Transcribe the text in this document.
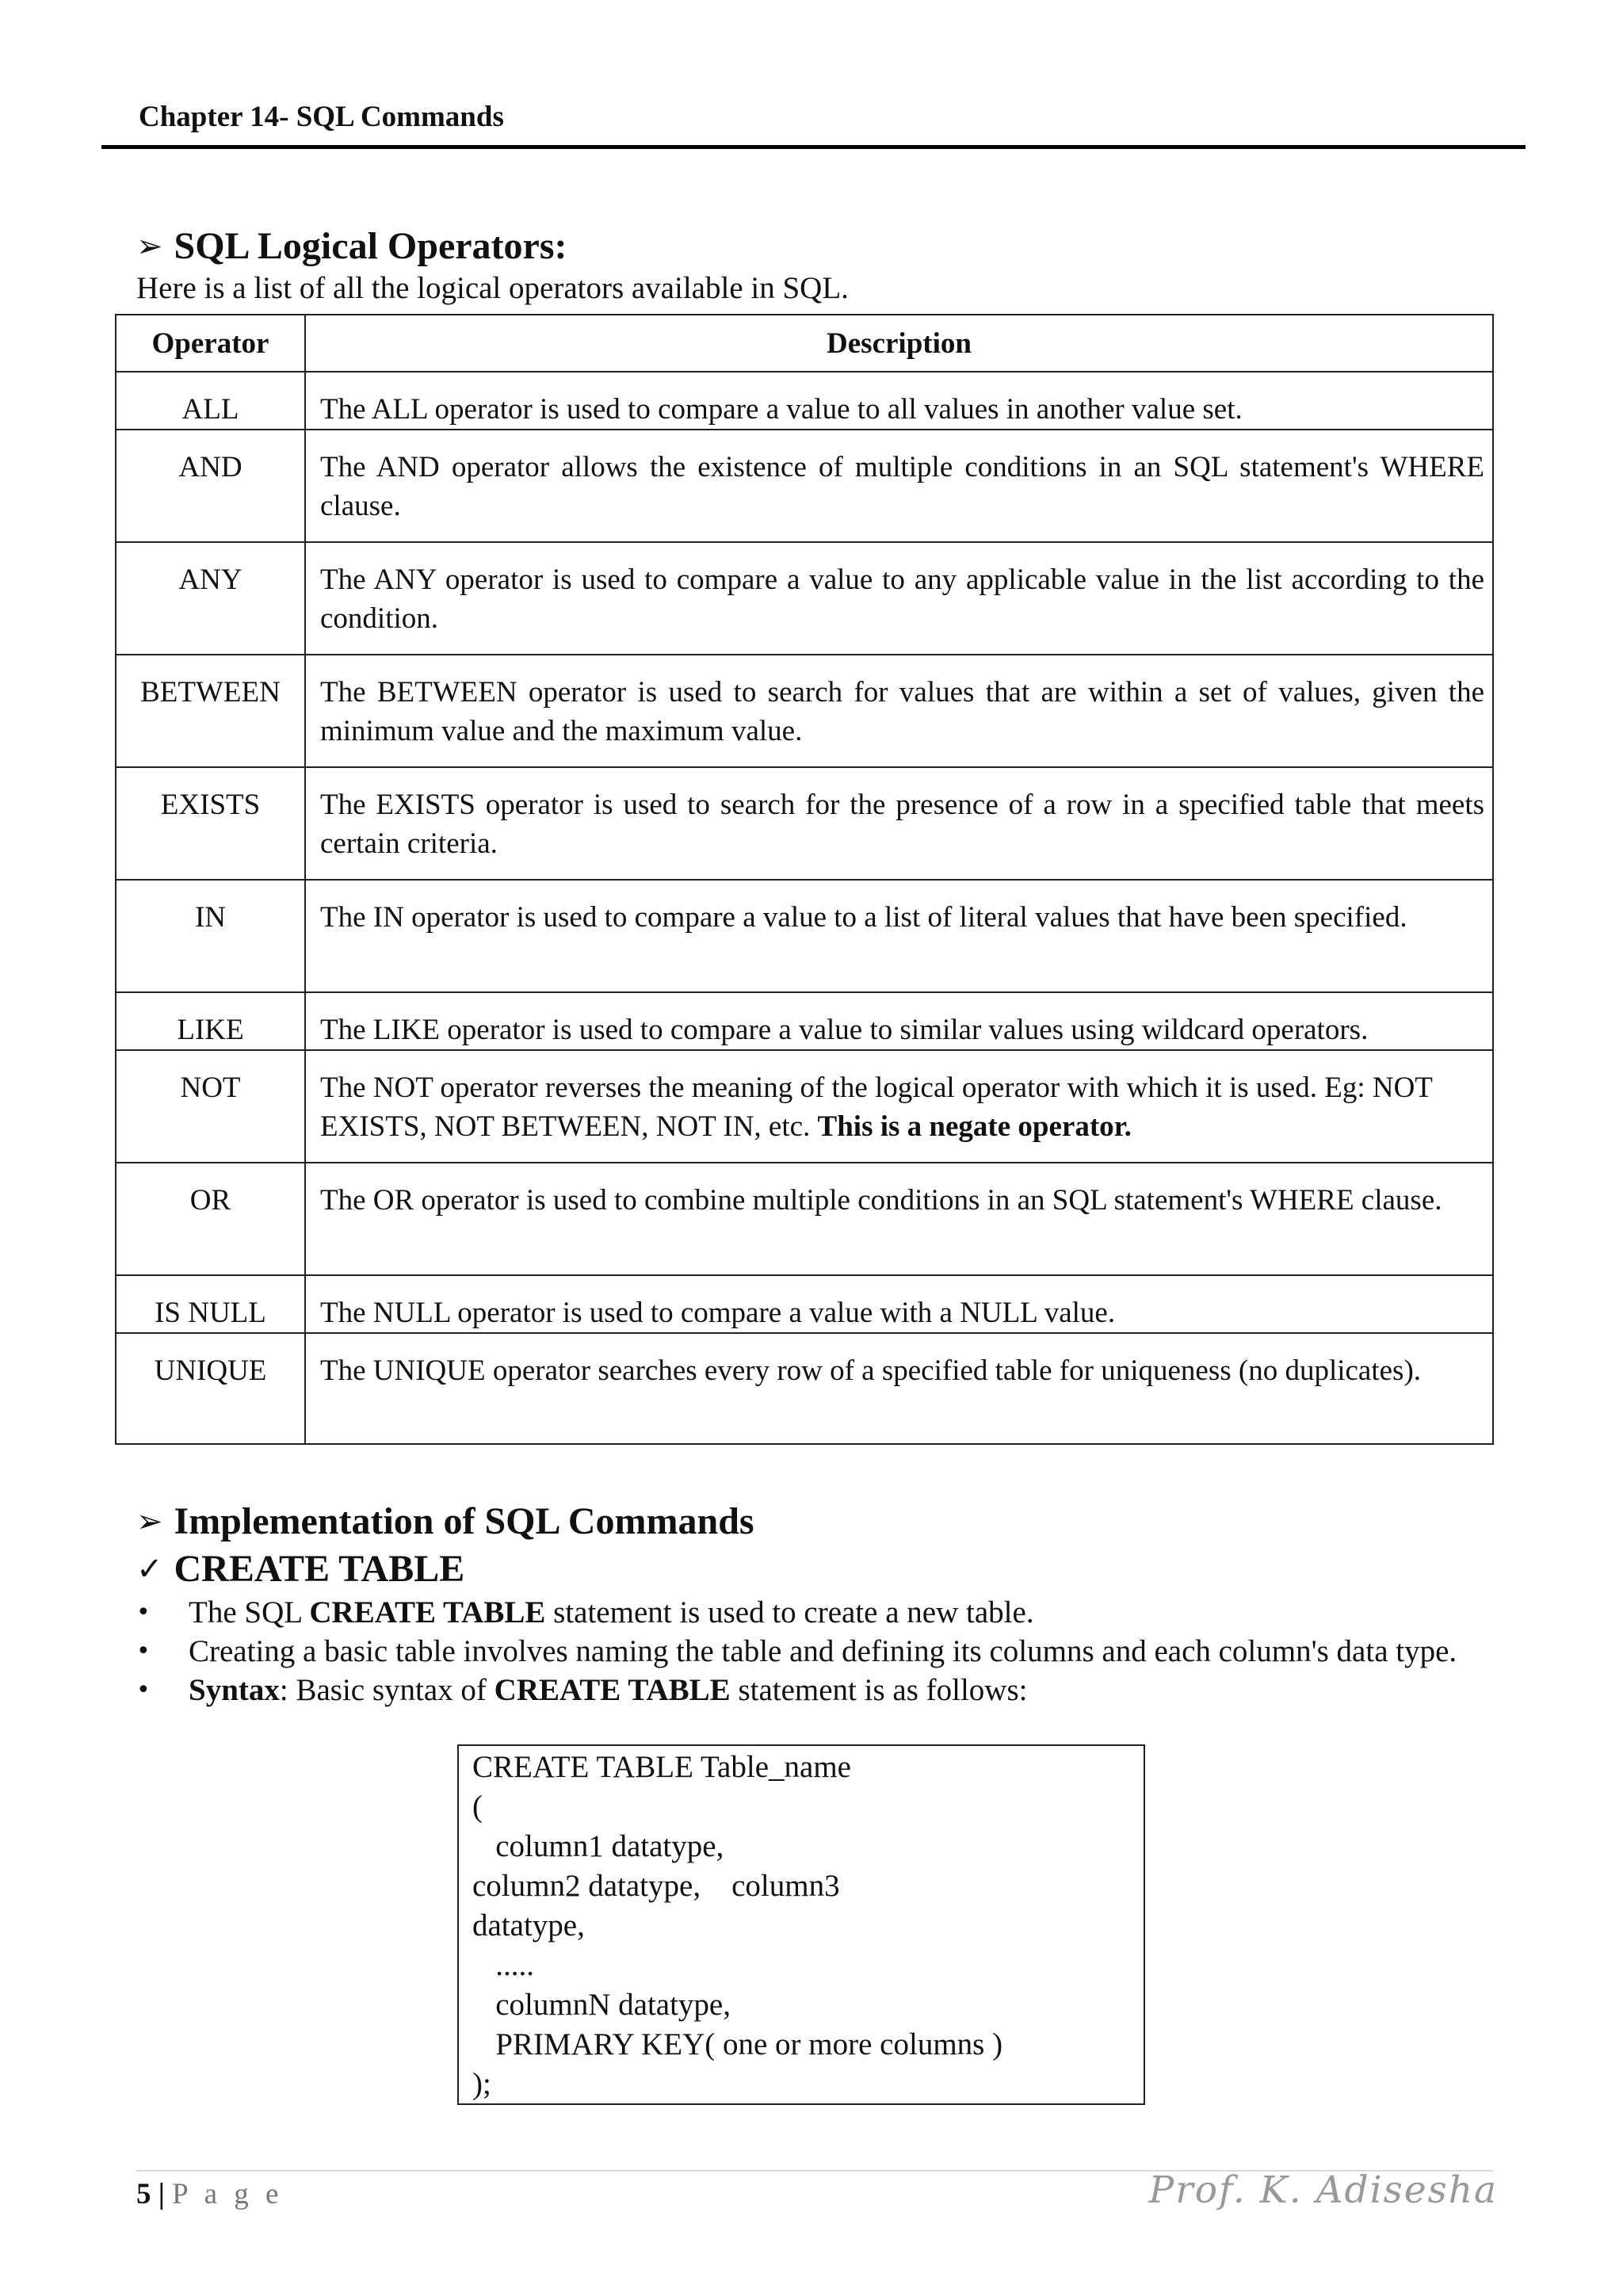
Chapter 14- SQL Commands
➢ SQL Logical Operators:
Here is a list of all the logical operators available in SQL.
Operator	Description
ALL	The ALL operator is used to compare a value to all values in another value set.
AND	The AND operator allows the existence of multiple conditions in an SQL statement's WHERE clause.
ANY	The ANY operator is used to compare a value to any applicable value in the list according to the condition.
BETWEEN	The BETWEEN operator is used to search for values that are within a set of values, given the minimum value and the maximum value.
EXISTS	The EXISTS operator is used to search for the presence of a row in a specified table that meets certain criteria.
IN	The IN operator is used to compare a value to a list of literal values that have been specified.
LIKE	The LIKE operator is used to compare a value to similar values using wildcard operators.
NOT	The NOT operator reverses the meaning of the logical operator with which it is used. Eg: NOT EXISTS, NOT BETWEEN, NOT IN, etc. This is a negate operator.
OR	The OR operator is used to combine multiple conditions in an SQL statement's WHERE clause.
IS NULL	The NULL operator is used to compare a value with a NULL value.
UNIQUE	The UNIQUE operator searches every row of a specified table for uniqueness (no duplicates).
➢ Implementation of SQL Commands
✓ CREATE TABLE
•	The SQL CREATE TABLE statement is used to create a new table.
•	Creating a basic table involves naming the table and defining its columns and each column's data type.
•	Syntax: Basic syntax of CREATE TABLE statement is as follows:
CREATE TABLE Table_name
(
column1 datatype,
column2 datatype,    column3
datatype,
.....
columnN datatype,
PRIMARY KEY( one or more columns )
);
5 | P a g e	Prof. K. Adisesha
